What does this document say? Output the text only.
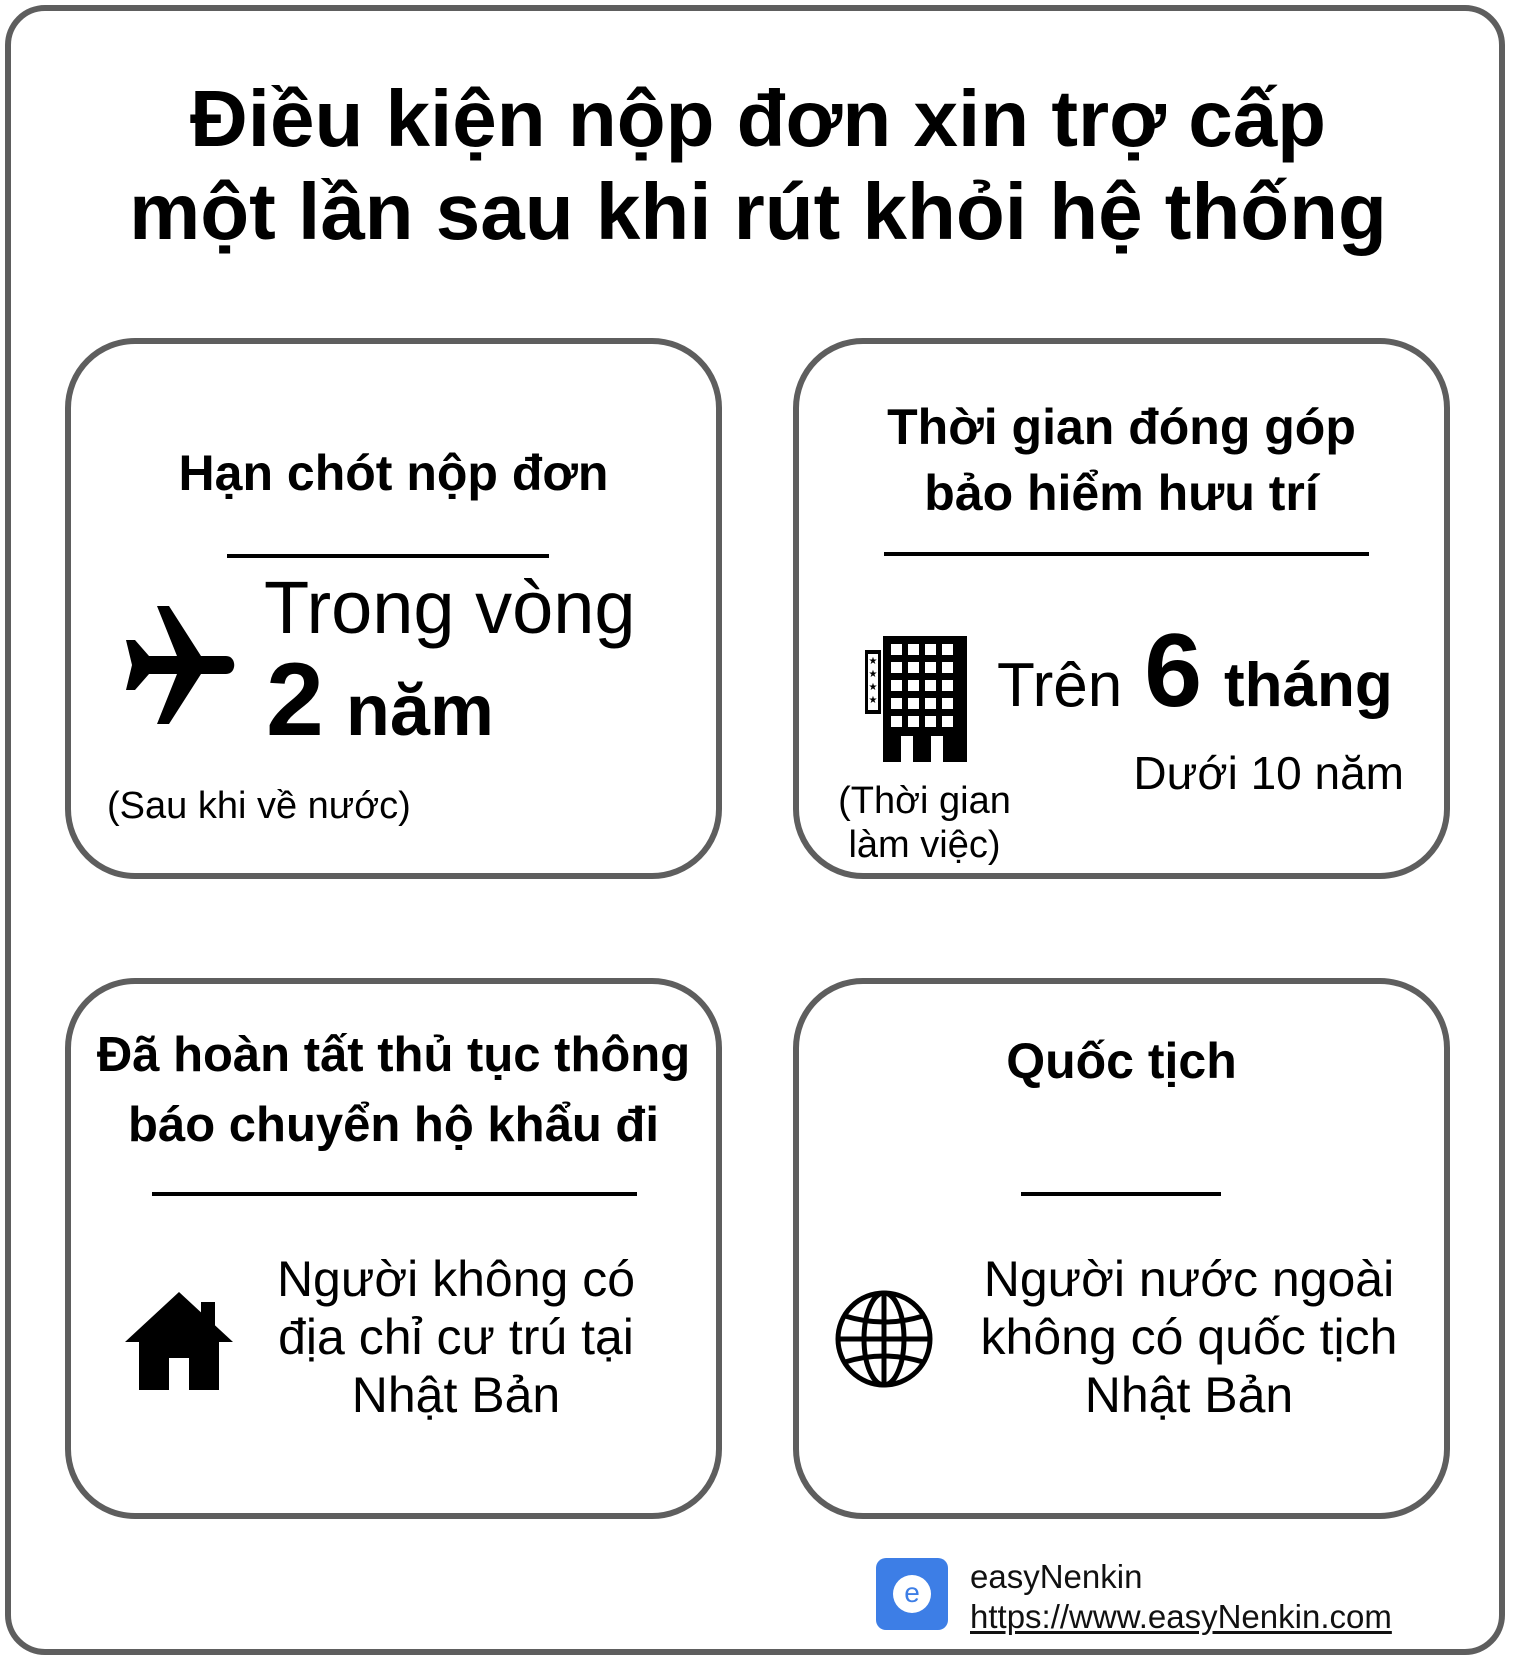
Điều kiện nộp đơn xin trợ cấp
một lần sau khi rút khỏi hệ thống
Hạn chót nộp đơn
Trong vòng
2 năm
(Sau khi về nước)
Thời gian đóng góp
bảo hiểm hưu trí
★
★
★
★ Trên 6 tháng
Dưới 10 năm
(Thời gian
làm việc)
Đã hoàn tất thủ tục thông
báo chuyển hộ khẩu đi
Người không có
địa chỉ cư trú tại
Nhật Bản
Quốc tịch
Người nước ngoài
không có quốc tịch
Nhật Bản
e	easyNenkin
https://www.easyNenkin.com
